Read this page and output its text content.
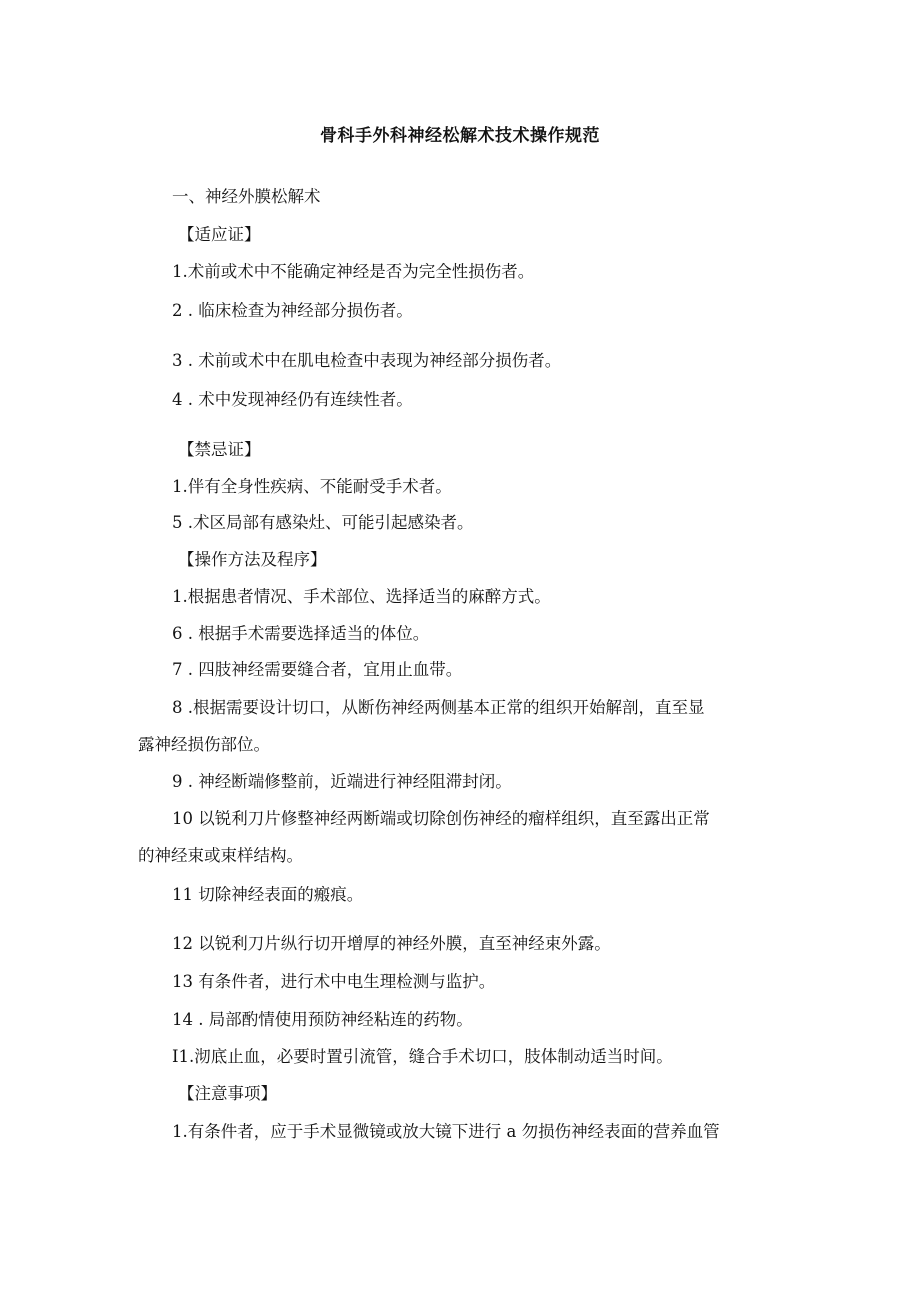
骨科手外科神经松解术技术操作规范
一、神经外膜松解术
【适应证】
1.术前或术中不能确定神经是否为完全性损伤者。
2 . 临床检查为神经部分损伤者。
3 . 术前或术中在肌电检查中表现为神经部分损伤者。
4 . 术中发现神经仍有连续性者。
【禁忌证】
1.伴有全身性疾病、不能耐受手术者。
5 .术区局部有感染灶、可能引起感染者。
【操作方法及程序】
1.根据患者情况、手术部位、选择适当的麻醉方式。
6 . 根据手术需要选择适当的体位。
7 . 四肢神经需要缝合者，宜用止血带。
8 .根据需要设计切口，从断伤神经两侧基本正常的组织开始解剖，直至显
露神经损伤部位。
9 . 神经断端修整前，近端进行神经阻滞封闭。
10 以锐利刀片修整神经两断端或切除创伤神经的瘤样组织，直至露出正常
的神经束或束样结构。
11 切除神经表面的瘢痕。
12 以锐利刀片纵行切开增厚的神经外膜，直至神经束外露。
13 有条件者，进行术中电生理检测与监护。
14 . 局部酌情使用预防神经粘连的药物。
I1.沏底止血，必要时置引流管，缝合手术切口，肢体制动适当时间。
【注意事项】
1.有条件者，应于手术显微镜或放大镜下进行 a 勿损伤神经表面的营养血管
